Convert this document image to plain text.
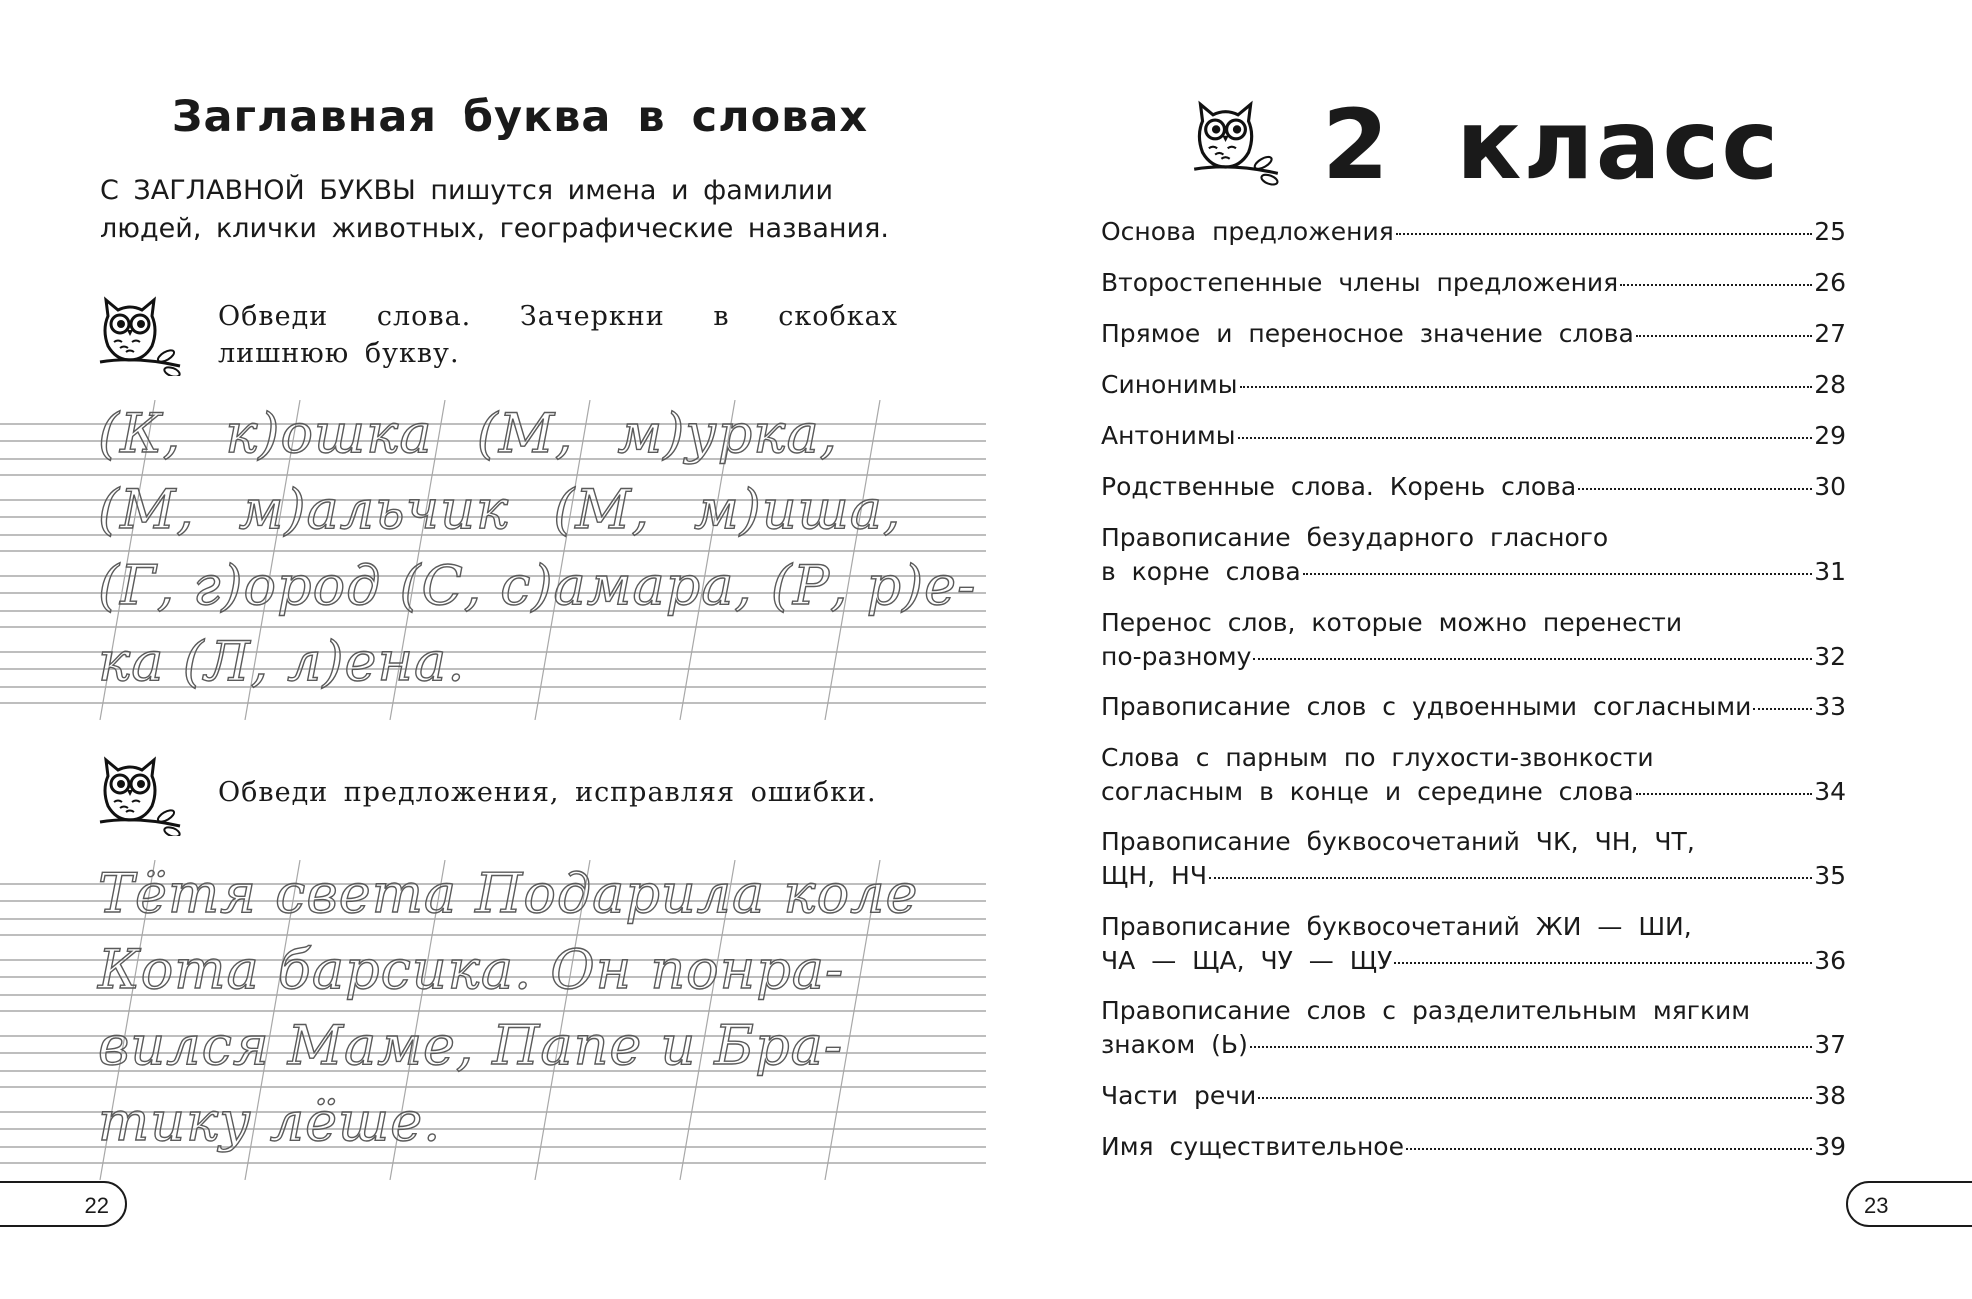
Заглавная буква в словах
С ЗАГЛАВНОЙ БУКВЫ пишутся имена и фамилии людей, клички животных, географические названия.
Обведи слова. Зачеркни в скобках лишнюю букву.
(К, к)ошка (М, м)урка,
(М, м)альчик (М, м)иша,
(Г, г)ород (С, с)амара, (Р, р)е-
ка (Л, л)ена.
Обведи предложения, исправляя ошибки.
Тётя света Подарила коле
Кота барсика. Он понра-
вился Маме, Папе и Бра-
тику лёше.
22
2 класс
Основа предложения	25
Второстепенные члены предложения	26
Прямое и переносное значение слова	27
Синонимы	28
Антонимы	29
Родственные слова. Корень слова	30
Правописание безударного гласного
в корне слова	31
Перенос слов, которые можно перенести
по-разному	32
Правописание слов с удвоенными согласными	33
Слова с парным по глухости-звонкости
согласным в конце и середине слова	34
Правописание буквосочетаний ЧК, ЧН, ЧТ,
ЩН, НЧ	35
Правописание буквосочетаний ЖИ — ШИ,
ЧА — ЩА, ЧУ — ЩУ	36
Правописание слов с разделительным мягким
знаком (Ь)	37
Части речи	38
Имя существительное	39
23
